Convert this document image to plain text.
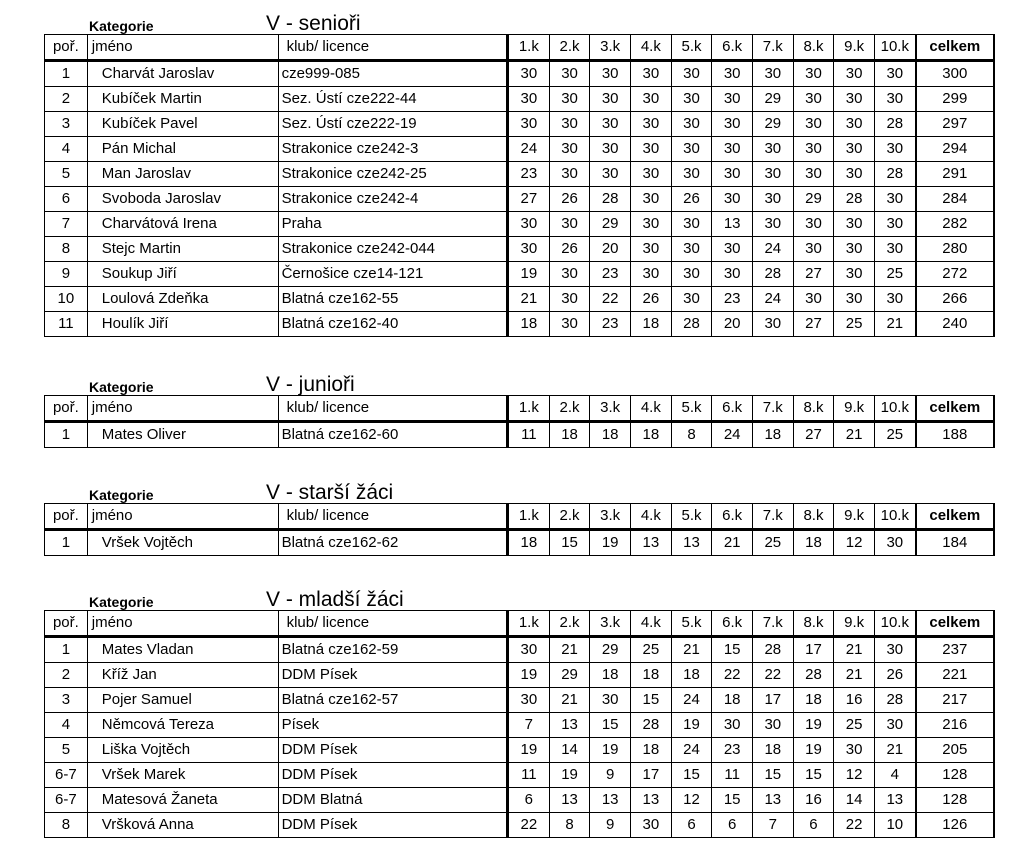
Kategorie	V - senioři
poř.	jméno	klub/ licence	1.k	2.k	3.k	4.k	5.k	6.k	7.k	8.k	9.k	10.k	celkem
1	Charvát Jaroslav	cze999-085	30	30	30	30	30	30	30	30	30	30	300
2	Kubíček Martin	Sez. Ústí cze222-44	30	30	30	30	30	30	29	30	30	30	299
3	Kubíček Pavel	Sez. Ústí cze222-19	30	30	30	30	30	30	29	30	30	28	297
4	Pán Michal	Strakonice cze242-3	24	30	30	30	30	30	30	30	30	30	294
5	Man Jaroslav	Strakonice cze242-25	23	30	30	30	30	30	30	30	30	28	291
6	Svoboda Jaroslav	Strakonice cze242-4	27	26	28	30	26	30	30	29	28	30	284
7	Charvátová Irena	Praha	30	30	29	30	30	13	30	30	30	30	282
8	Stejc Martin	Strakonice cze242-044	30	26	20	30	30	30	24	30	30	30	280
9	Soukup Jiří	Černošice cze14-121	19	30	23	30	30	30	28	27	30	25	272
10	Loulová Zdeňka	Blatná cze162-55	21	30	22	26	30	23	24	30	30	30	266
11	Houlík Jiří	Blatná cze162-40	18	30	23	18	28	20	30	27	25	21	240
Kategorie	V - junioři
poř.	jméno	klub/ licence	1.k	2.k	3.k	4.k	5.k	6.k	7.k	8.k	9.k	10.k	celkem
1	Mates Oliver	Blatná cze162-60	11	18	18	18	8	24	18	27	21	25	188
Kategorie	V - starší žáci
poř.	jméno	klub/ licence	1.k	2.k	3.k	4.k	5.k	6.k	7.k	8.k	9.k	10.k	celkem
1	Vršek Vojtěch	Blatná cze162-62	18	15	19	13	13	21	25	18	12	30	184
Kategorie	V - mladší žáci
poř.	jméno	klub/ licence	1.k	2.k	3.k	4.k	5.k	6.k	7.k	8.k	9.k	10.k	celkem
1	Mates Vladan	Blatná cze162-59	30	21	29	25	21	15	28	17	21	30	237
2	Kříž Jan	DDM Písek	19	29	18	18	18	22	22	28	21	26	221
3	Pojer Samuel	Blatná cze162-57	30	21	30	15	24	18	17	18	16	28	217
4	Němcová Tereza	Písek	7	13	15	28	19	30	30	19	25	30	216
5	Liška Vojtěch	DDM Písek	19	14	19	18	24	23	18	19	30	21	205
6-7	Vršek Marek	DDM Písek	11	19	9	17	15	11	15	15	12	4	128
6-7	Matesová Žaneta	DDM Blatná	6	13	13	13	12	15	13	16	14	13	128
8	Vršková Anna	DDM Písek	22	8	9	30	6	6	7	6	22	10	126
